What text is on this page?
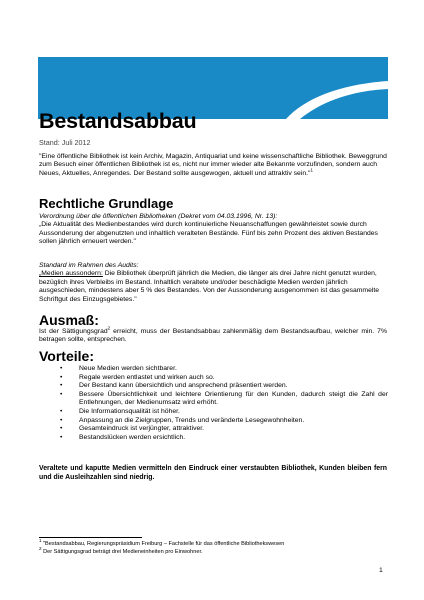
Bestandsabbau
Stand: Juli 2012
"Eine öffentliche Bibliothek ist kein Archiv, Magazin, Antiquariat und keine wissenschaftliche Bibliothek. Beweggrund zum Besuch einer öffentlichen Bibliothek ist es, nicht nur immer wieder alte Bekannte vorzufinden, sondern auch Neues, Aktuelles, Anregendes. Der Bestand sollte ausgewogen, aktuell und attraktiv sein."$^1$
Rechtliche Grundlage
Verordnung über die öffentlichen Bibliotheken (Dekret vom 04.03.1996, Nr. 13):
„Die Aktualität des Medienbestandes wird durch kontinuierliche Neuanschaffungen gewährleistet sowie durch Aussonderung der abgenutzten und inhaltlich veralteten Bestände. Fünf bis zehn Prozent des aktiven Bestandes sollen jährlich erneuert werden."
Standard im Rahmen des Audits:
„Medien aussondern: Die Bibliothek überprüft jährlich die Medien, die länger als drei Jahre nicht genutzt wurden, bezüglich ihres Verbleibs im Bestand. Inhaltlich veraltete und/oder beschädigte Medien werden jährlich ausgeschieden, mindestens aber 5 % des Bestandes. Von der Aussonderung ausgenommen ist das gesammelte Schriftgut des Einzugsgebietes."
Ausmaß:
Ist der Sättigungsgrad$^2$ erreicht, muss der Bestandsabbau zahlenmäßig dem Bestandsaufbau, welcher min. 7% betragen sollte, entsprechen.
Vorteile:
• Neue Medien werden sichtbarer.
• Regale werden entlastet und wirken auch so.
• Der Bestand kann übersichtlich und ansprechend präsentiert werden.
• Bessere Übersichtlichkeit und leichtere Orientierung für den Kunden, dadurch steigt die Zahl der Entlehnungen, der Medienumsatz wird erhöht.
• Die Informationsqualität ist höher.
• Anpassung an die Zielgruppen, Trends und veränderte Lesegewohnheiten.
• Gesamteindruck ist verjüngter, attraktiver.
• Bestandslücken werden ersichtlich.
Veraltete und kaputte Medien vermitteln den Eindruck einer verstaubten Bibliothek, Kunden bleiben fern und die Ausleihzahlen sind niedrig.
$^1$ "Bestandsabbau, Regierungspräsidium Freiburg – Fachstelle für das öffentliche Bibliothekswesen
$^2$ Der Sättigungsgrad beträgt drei Medieneinheiten pro Einwohner.
1
